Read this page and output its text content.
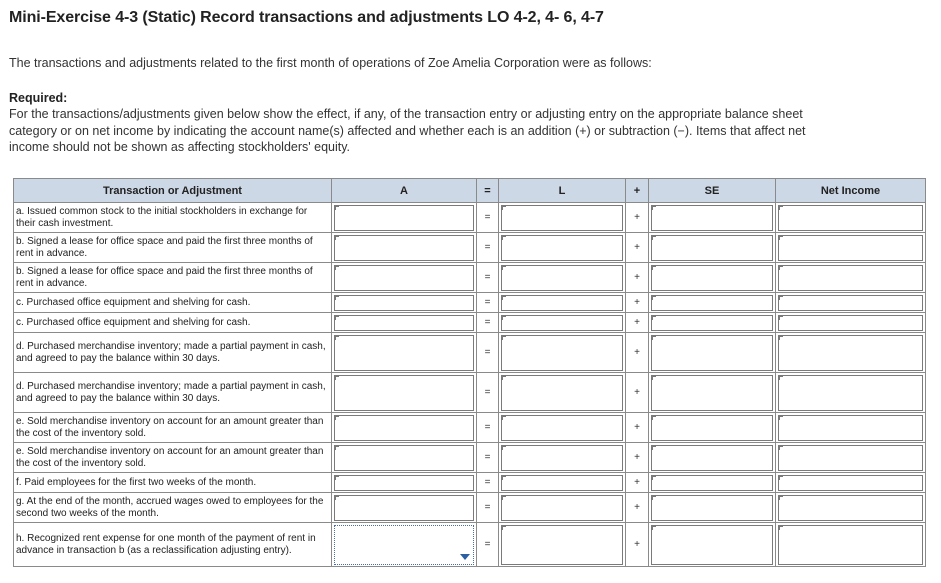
Mini-Exercise 4-3 (Static) Record transactions and adjustments LO 4-2, 4- 6, 4-7
The transactions and adjustments related to the first month of operations of Zoe Amelia Corporation were as follows:
Required:
For the transactions/adjustments given below show the effect, if any, of the transaction entry or adjusting entry on the appropriate balance sheet category or on net income by indicating the account name(s) affected and whether each is an addition (+) or subtraction (−). Items that affect net income should not be shown as affecting stockholders' equity.
Transaction or Adjustment	A	=	L	+	SE	Net Income
a. Issued common stock to the initial stockholders in exchange for their cash investment.		=		+	

b. Signed a lease for office space and paid the first three months of rent in advance.		=		+	

b. Signed a lease for office space and paid the first three months of rent in advance.		=		+	

c. Purchased office equipment and shelving for cash.		=		+	

c. Purchased office equipment and shelving for cash.		=		+	

d. Purchased merchandise inventory; made a partial payment in cash, and agreed to pay the balance within 30 days.		=		+	

d. Purchased merchandise inventory; made a partial payment in cash, and agreed to pay the balance within 30 days.		=		+	

e. Sold merchandise inventory on account for an amount greater than the cost of the inventory sold.		=		+	

e. Sold merchandise inventory on account for an amount greater than the cost of the inventory sold.		=		+	

f. Paid employees for the first two weeks of the month.		=		+	

g. At the end of the month, accrued wages owed to employees for the second two weeks of the month.		=		+	

h. Recognized rent expense for one month of the payment of rent in advance in transaction b (as a reclassification adjusting entry).		=		+	
